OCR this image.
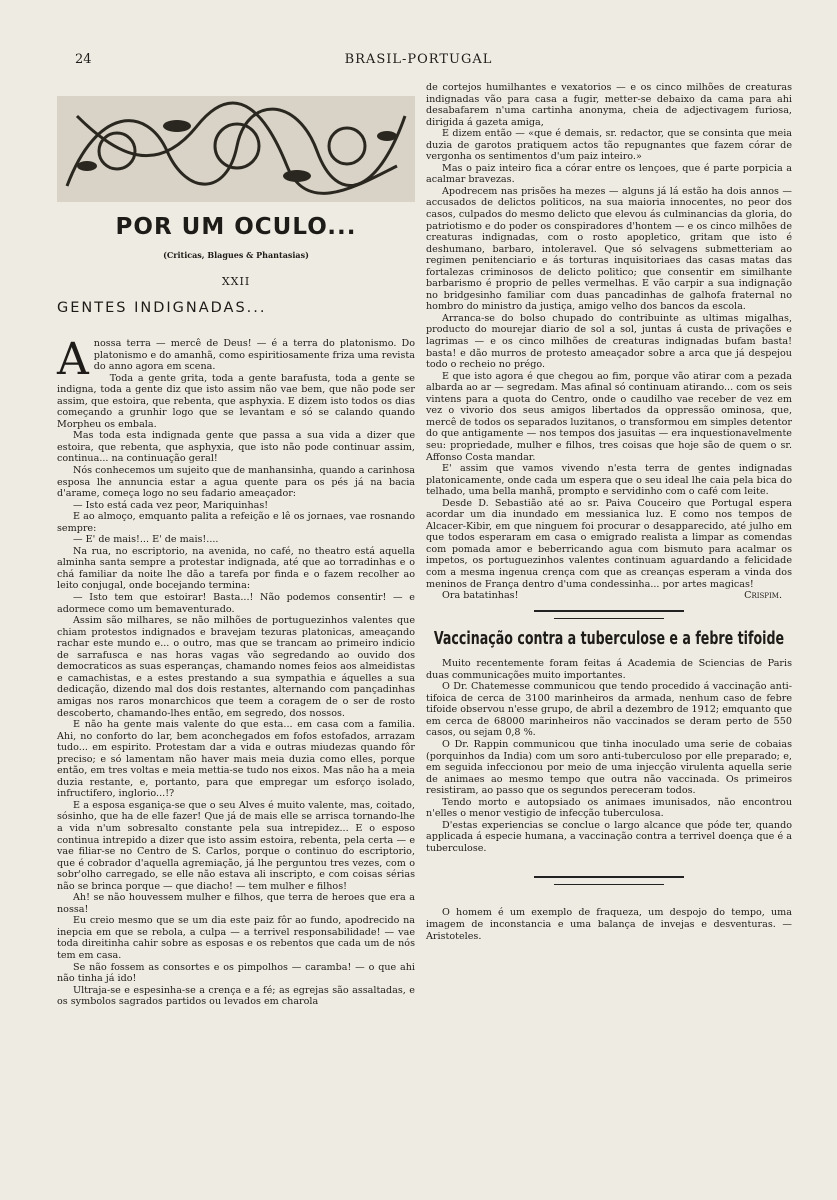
24	BRASIL-PORTUGAL
POR UM OCULO...
(Criticas, Blagues & Phantasias)
XXII
GENTES INDIGNADAS...

Anossa terra — mercê de Deus! — é a terra do platonismo. Do platonismo e do amanhã, como espiritiosamente friza uma revista do anno agora em scena.

Toda a gente grita, toda a gente barafusta, toda a gente se indigna, toda a gente diz que isto assim não vae bem, que não pode ser assim, que estoira, que rebenta, que asphyxia. E dizem isto todos os dias começando a grunhir logo que se levantam e só se calando quando Morpheu os embala.

Mas toda esta indignada gente que passa a sua vida a dizer que estoira, que rebenta, que asphyxia, que isto não pode continuar assim, continua... na continuação geral!

Nós conhecemos um sujeito que de manhansinha, quando a carinhosa esposa lhe annuncia estar a agua quente para os pés já na bacia d'arame, começa logo no seu fadario ameaçador:

— Isto está cada vez peor, Mariquinhas!

E ao almoço, emquanto palita a refeição e lê os jornaes, vae rosnando sempre:

— E' de mais!... E' de mais!....

Na rua, no escriptorio, na avenida, no café, no theatro está aquella alminha santa sempre a protestar indignada, até que ao torradinhas e o chá familiar da noite lhe dão a tarefa por finda e o fazem recolher ao leito conjugal, onde bocejando termina:

— Isto tem que estoirar! Basta...! Não podemos consentir! — e adormece como um bemaventurado.

Assim são milhares, se não milhões de portuguezinhos valentes que chiam protestos indignados e bravejam tezuras platonicas, ameaçando rachar este mundo e... o outro, mas que se trancam ao primeiro indicio de sarrafusca e nas horas vagas vão segredando ao ouvido dos democraticos as suas esperanças, chamando nomes feios aos almeidistas e camachistas, e a estes prestando a sua sympathia e áquelles a sua dedicação, dizendo mal dos dois restantes, alternando com pançadinhas amigas nos raros monarchicos que teem a coragem de o ser de rosto descoberto, chamando-lhes então, em segredo, dos nossos.

E não ha gente mais valente do que esta... em casa com a familia. Ahi, no conforto do lar, bem aconchegados em fofos estofados, arrazam tudo... em espirito. Protestam dar a vida e outras miudezas quando fôr preciso; e só lamentam não haver mais meia duzia como elles, porque então, em tres voltas e meia mettia-se tudo nos eixos. Mas não ha a meia duzia restante, e, portanto, para que empregar um esforço isolado, infructifero, inglorio...!?

E a esposa esganiça-se que o seu Alves é muito valente, mas, coitado, sósinho, que ha de elle fazer! Que já de mais elle se arrisca tornando-lhe a vida n'um sobresalto constante pela sua intrepidez... E o esposo continua intrepido a dizer que isto assim estoira, rebenta, pela certa — e vae filiar-se no Centro de S. Carlos, porque o continuo do escriptorio, que é cobrador d'aquella agremiação, já lhe perguntou tres vezes, com o sobr'olho carregado, se elle não estava ali inscripto, e com coisas sérias não se brinca porque — que diacho! — tem mulher e filhos!

Ah! se não houvessem mulher e filhos, que terra de heroes que era a nossa!

Eu creio mesmo que se um dia este paiz fôr ao fundo, apodrecido na inepcia em que se rebola, a culpa — a terrivel responsabilidade! — vae toda direitinha cahir sobre as esposas e os rebentos que cada um de nós tem em casa.

Se não fossem as consortes e os pimpolhos — caramba! — o que ahi não tinha já ido!

Ultraja-se e espesinha-se a crença e a fé; as egrejas são assaltadas, e os symbolos sagrados partidos ou levados em charola

de cortejos humilhantes e vexatorios — e os cinco milhões de creaturas indignadas vão para casa a fugir, metter-se debaixo da cama para ahi desabafarem n'uma cartinha anonyma, cheia de adjectivagem furiosa, dirigida á gazeta amiga,

E dizem então — «que é demais, sr. redactor, que se consinta que meia duzia de garotos pratiquem actos tão repugnantes que fazem córar de vergonha os sentimentos d'um paiz inteiro.»

Mas o paiz inteiro fica a córar entre os lençoes, que é parte porpicia a acalmar bravezas.

Apodrecem nas prisões ha mezes — alguns já lá estão ha dois annos — accusados de delictos politicos, na sua maioria innocentes, no peor dos casos, culpados do mesmo delicto que elevou ás culminancias da gloria, do patriotismo e do poder os conspiradores d'hontem — e os cinco milhões de creaturas indignadas, com o rosto apopletico, gritam que isto é deshumano, barbaro, intoleravel. Que só selvagens submetteriam ao regimen penitenciario e ás torturas inquisitoriaes das casas matas das fortalezas criminosos de delicto politico; que consentir em similhante barbarismo é proprio de pelles vermelhas. E vão carpir a sua indignação no bridgesinho familiar com duas pancadinhas de galhofa fraternal no hombro do ministro da justiça, amigo velho dos bancos da escola.

Arranca-se do bolso chupado do contribuinte as ultimas migalhas, producto do mourejar diario de sol a sol, juntas á custa de privações e lagrimas — e os cinco milhões de creaturas indignadas bufam basta! basta! e dão murros de protesto ameaçador sobre a arca que já despejou todo o recheio no prégo.

E que isto agora é que chegou ao fim, porque vão atirar com a pezada albarda ao ar — segredam. Mas afinal só continuam atirando... com os seis vintens para a quota do Centro, onde o caudilho vae receber de vez em vez o vivorio dos seus amigos libertados da oppressão ominosa, que, mercê de todos os separados luzitanos, o transformou em simples detentor do que antigamente — nos tempos dos jasuitas — era inquestionavelmente seu: propriedade, mulher e filhos, tres coisas que hoje são de quem o sr. Affonso Costa mandar.

E' assim que vamos vivendo n'esta terra de gentes indignadas platonicamente, onde cada um espera que o seu ideal lhe caia pela bica do telhado, uma bella manhã, prompto e servidinho com o café com leite.

Desde D. Sebastião até ao sr. Paiva Couceiro que Portugal espera acordar um dia inundado em messianica luz. E como nos tempos de Alcacer-Kibir, em que ninguem foi procurar o desapparecido, até julho em que todos esperaram em casa o emigrado realista a limpar as comendas com pomada amor e beberricando agua com bismuto para acalmar os impetos, os portuguezinhos valentes continuam aguardando a felicidade com a mesma ingenua crença com que as creanças esperam a vinda dos meninos de França dentro d'uma condessinha... por artes magicas!

Ora batatinhas!	Crispim.
Vaccinação contra a tuberculose e a febre tifoide

Muito recentemente foram feitas á Academia de Sciencias de Paris duas communicações muito importantes.

O Dr. Chatemesse communicou que tendo procedido á vaccinação anti-tifoica de cerca de 3100 marinheiros da armada, nenhum caso de febre tifoide observou n'esse grupo, de abril a dezembro de 1912; emquanto que em cerca de 68000 marinheiros não vaccinados se deram perto de 550 casos, ou sejam 0,8 %.

O Dr. Rappin communicou que tinha inoculado uma serie de cobaias (porquinhos da India) com um soro anti-tuberculoso por elle preparado; e, em seguida infeccionou por meio de uma injecção virulenta aquella serie de animaes ao mesmo tempo que outra não vaccinada. Os primeiros resistiram, ao passo que os segundos pereceram todos.

Tendo morto e autopsiado os animaes imunisados, não encontrou n'elles o menor vestigio de infecção tuberculosa.

D'estas experiencias se conclue o largo alcance que póde ter, quando applicada á especie humana, a vaccinação contra a terrivel doença que é a tuberculose.

O homem é um exemplo de fraqueza, um despojo do tempo, uma imagem de inconstancia e uma balança de invejas e desventuras. — Aristoteles.
